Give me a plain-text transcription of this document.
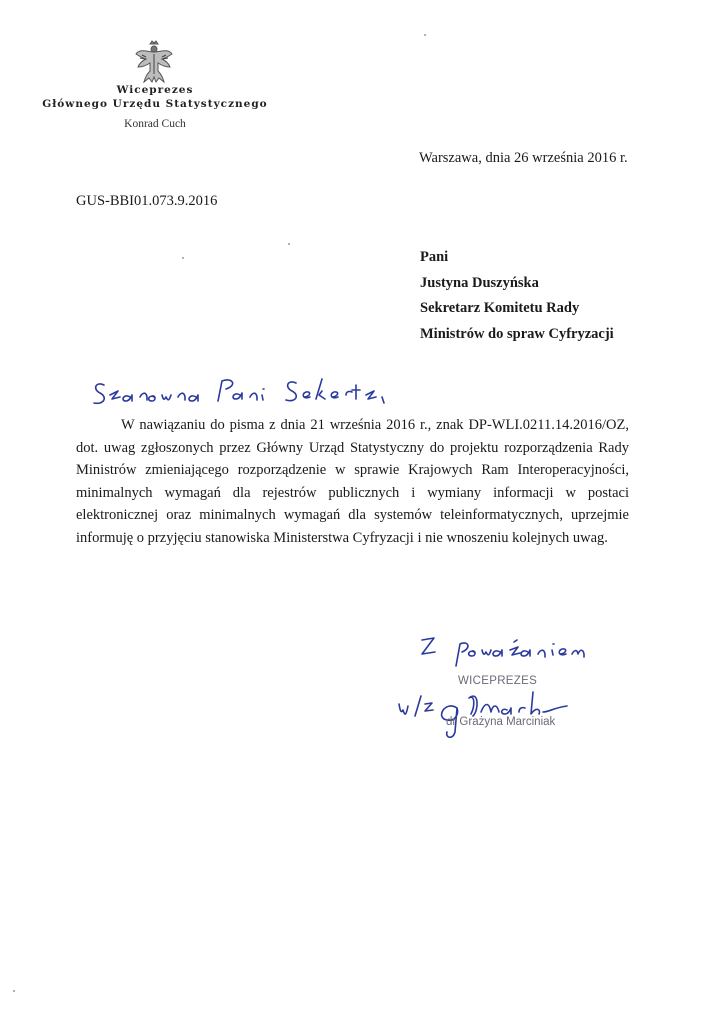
Wiceprezes
Głównego Urzędu Statystycznego
Konrad Cuch
Warszawa, dnia 26 września 2016 r.
GUS-BBI01.073.9.2016
Pani
Justyna Duszyńska
Sekretarz Komitetu Rady
Ministrów do spraw Cyfryzacji

W nawiązaniu do pisma z dnia 21 września 2016 r., znak DP-WLI.0211.14.2016/OZ, dot. uwag zgłoszonych przez Główny Urząd Statystyczny do projektu rozporządzenia Rady Ministrów zmieniającego rozporządzenie w sprawie Krajowych Ram Interoperacyjności, minimalnych wymagań dla rejestrów publicznych i wymiany informacji w postaci elektronicznej oraz minimalnych wymagań dla systemów teleinformatycznych, uprzejmie informuję o przyjęciu stanowiska Ministerstwa Cyfryzacji i nie wnoszeniu kolejnych uwag.

WICEPREZES
dr Grażyna Marciniak
